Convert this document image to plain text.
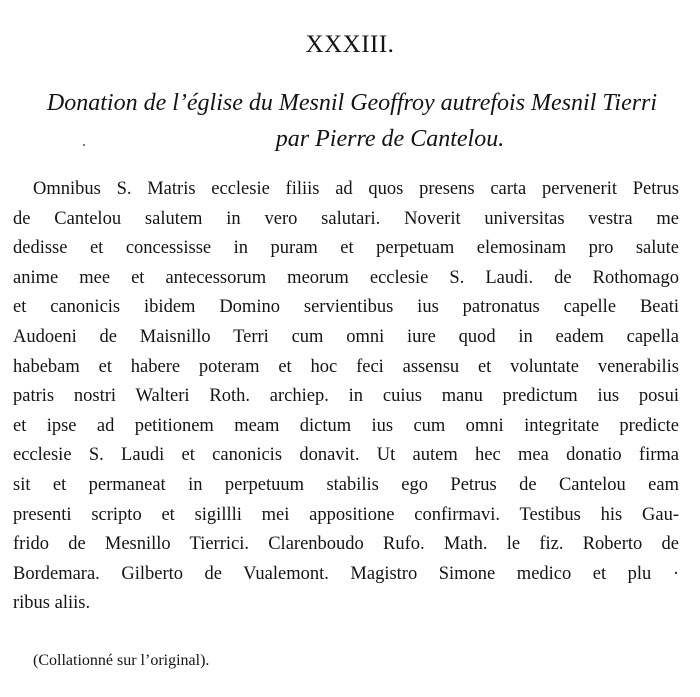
XXXIII.
Donation de l’église du Mesnil Geoffroy autrefois Mesnil Tierri
par Pierre de Cantelou.
Omnibus S. Matris ecclesie filiis ad quos presens carta pervenerit Petrus
de Cantelou salutem in vero salutari. Noverit universitas vestra me
dedisse et concessisse in puram et perpetuam elemosinam pro salute
anime mee et antecessorum meorum ecclesie S. Laudi. de Rothomago
et canonicis ibidem Domino servientibus ius patronatus capelle Beati
Audoeni de Maisnillo Terri cum omni iure quod in eadem capella
habebam et habere poteram et hoc feci assensu et voluntate venerabilis
patris nostri Walteri Roth. archiep. in cuius manu predictum ius posui
et ipse ad petitionem meam dictum ius cum omni integritate predicte
ecclesie S. Laudi et canonicis donavit. Ut autem hec mea donatio firma
sit et permaneat in perpetuum stabilis ego Petrus de Cantelou eam
presenti scripto et sigillli mei appositione confirmavi. Testibus his Gau-
frido de Mesnillo Tierrici. Clarenboudo Rufo. Math. le fiz. Roberto de
Bordemara. Gilberto de Vualemont. Magistro Simone medico et plu ·
ribus aliis.
(Collationné sur l’original).
